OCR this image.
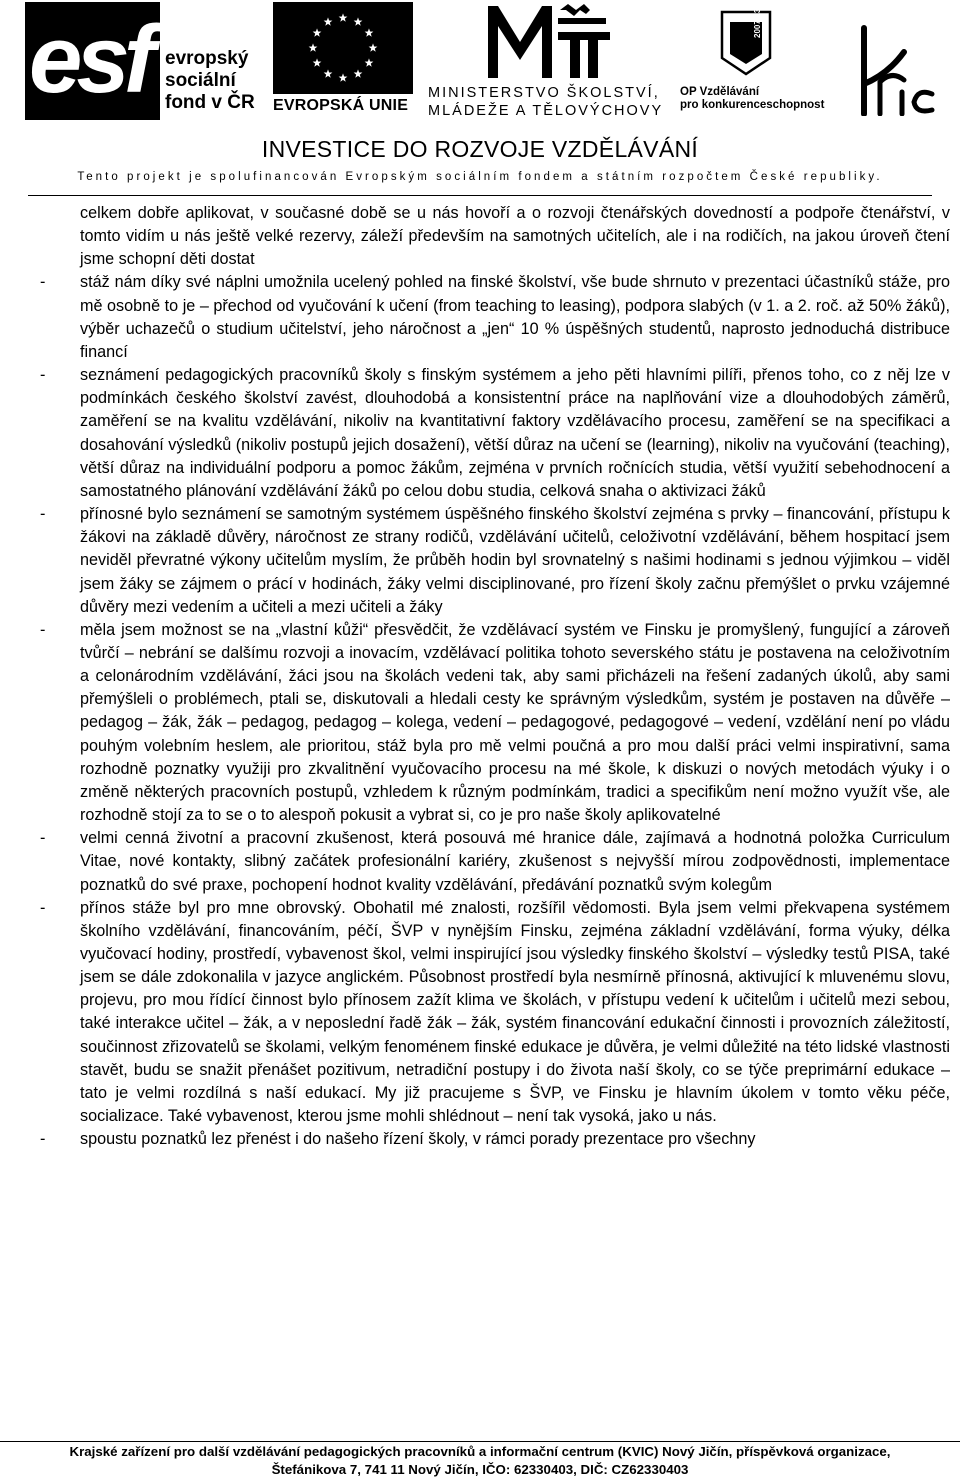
esf evropský
sociální
fond v ČR EVROPSKÁ UNIE
MINISTERSTVO ŠKOLSTVÍ,
MLÁDEŽE A TĚLOVÝCHOVY
2007-13
OP Vzdělávání
pro konkurenceschopnost
INVESTICE DO ROZVOJE VZDĚLÁVÁNÍ
Tento projekt je spolufinancován Evropským sociálním fondem a státním rozpočtem České republiky.
celkem dobře aplikovat, v současné době se u nás hovoří a o rozvoji čtenářských dovedností a podpoře čtenářství, v tomto vidím u nás ještě velké rezervy, záleží především na samotných učitelích, ale i na rodičích, na jakou úroveň čtení jsme schopní děti dostat
- stáž nám díky své náplni umožnila ucelený pohled na finské školství, vše bude shrnuto v prezentaci účastníků stáže, pro mě osobně to je – přechod od vyučování k učení (from teaching to leasing), podpora slabých (v 1. a 2. roč. až 50% žáků), výběr uchazečů o studium učitelství, jeho náročnost a „jen“ 10 % úspěšných studentů, naprosto jednoduchá distribuce financí
- seznámení pedagogických pracovníků školy s finským systémem a jeho pěti hlavními pilíři, přenos toho, co z něj lze v podmínkách českého školství zavést, dlouhodobá a konsistentní práce na naplňování vize a dlouhodobých záměrů, zaměření se na kvalitu vzdělávání, nikoliv na kvantitativní faktory vzdělávacího procesu, zaměření se na specifikaci a dosahování výsledků (nikoliv postupů jejich dosažení), větší důraz na učení se (learning), nikoliv na vyučování (teaching), větší důraz na individuální podporu a pomoc žákům, zejména v prvních ročnících studia, větší využití sebehodnocení a samostatného plánování vzdělávání žáků po celou dobu studia, celková snaha o aktivizaci žáků
- přínosné bylo seznámení se samotným systémem úspěšného finského školství zejména s prvky – financování, přístupu k žákovi na základě důvěry, náročnost ze strany rodičů, vzdělávání učitelů, celoživotní vzdělávání, během hospitací jsem neviděl převratné výkony učitelům myslím, že průběh hodin byl srovnatelný s našimi hodinami s jednou výjimkou – viděl jsem žáky se zájmem o prácí v hodinách, žáky velmi disciplinované, pro řízení školy začnu přemýšlet o prvku vzájemné důvěry mezi vedením a učiteli a mezi učiteli a žáky
- měla jsem možnost se na „vlastní kůži“ přesvědčit, že vzdělávací systém ve Finsku je promyšlený, fungující a zároveň tvůrčí – nebrání se dalšímu rozvoji a inovacím, vzdělávací politika tohoto severského státu je postavena na celoživotním a celonárodním vzdělávání, žáci jsou na školách vedeni tak, aby sami přicházeli na řešení zadaných úkolů, aby sami přemýšleli o problémech, ptali se, diskutovali a hledali cesty ke správným výsledkům, systém je postaven na důvěře – pedagog – žák, žák – pedagog, pedagog – kolega, vedení – pedagogové, pedagogové – vedení, vzdělání není po vládu pouhým volebním heslem, ale prioritou, stáž byla pro mě velmi poučná a pro mou další práci velmi inspirativní, sama rozhodně poznatky využiji pro zkvalitnění vyučovacího procesu na mé škole, k diskuzi o nových metodách výuky i o změně některých pracovních postupů, vzhledem k různým podmínkám, tradici a specifikům není možno využít vše, ale rozhodně stojí za to se o to alespoň pokusit a vybrat si, co je pro naše školy aplikovatelné
- velmi cenná životní a pracovní zkušenost, která posouvá mé hranice dále, zajímavá a hodnotná položka Curriculum Vitae, nové kontakty, slibný začátek profesionální kariéry, zkušenost s nejvyšší mírou zodpovědnosti, implementace poznatků do své praxe, pochopení hodnot kvality vzdělávání, předávání poznatků svým kolegům
- přínos stáže byl pro mne obrovský. Obohatil mé znalosti, rozšířil vědomosti. Byla jsem velmi překvapena systémem školního vzdělávání, financováním, péčí, ŠVP v nynějším Finsku, zejména základní vzdělávání, forma výuky, délka vyučovací hodiny, prostředí, vybavenost škol, velmi inspirující jsou výsledky finského školství – výsledky testů PISA, také jsem se dále zdokonalila v jazyce anglickém. Působnost prostředí byla nesmírně přínosná, aktivující k mluvenému slovu, projevu, pro mou řídící činnost bylo přínosem zažít klima ve školách, v přístupu vedení k učitelům i učitelů mezi sebou, také interakce učitel – žák, a v neposlední řadě žák – žák, systém financování edukační činnosti i provozních záležitostí, součinnost zřizovatelů se školami, velkým fenoménem finské edukace je důvěra, je velmi důležité na této lidské vlastnosti stavět, budu se snažit přenášet pozitivum, netradiční postupy i do života naší školy, co se týče preprimární edukace – tato je velmi rozdílná s naší edukací. My již pracujeme s ŠVP, ve Finsku je hlavním úkolem v tomto věku péče, socializace. Také vybavenost, kterou jsme mohli shlédnout – není tak vysoká, jako u nás.
- spoustu poznatků lez přenést i do našeho řízení školy, v rámci porady prezentace pro všechny
Krajské zařízení pro další vzdělávání pedagogických pracovníků a informační centrum (KVIC) Nový Jičín, příspěvková organizace,
Štefánikova 7, 741 11 Nový Jičín, IČO: 62330403, DIČ: CZ62330403
